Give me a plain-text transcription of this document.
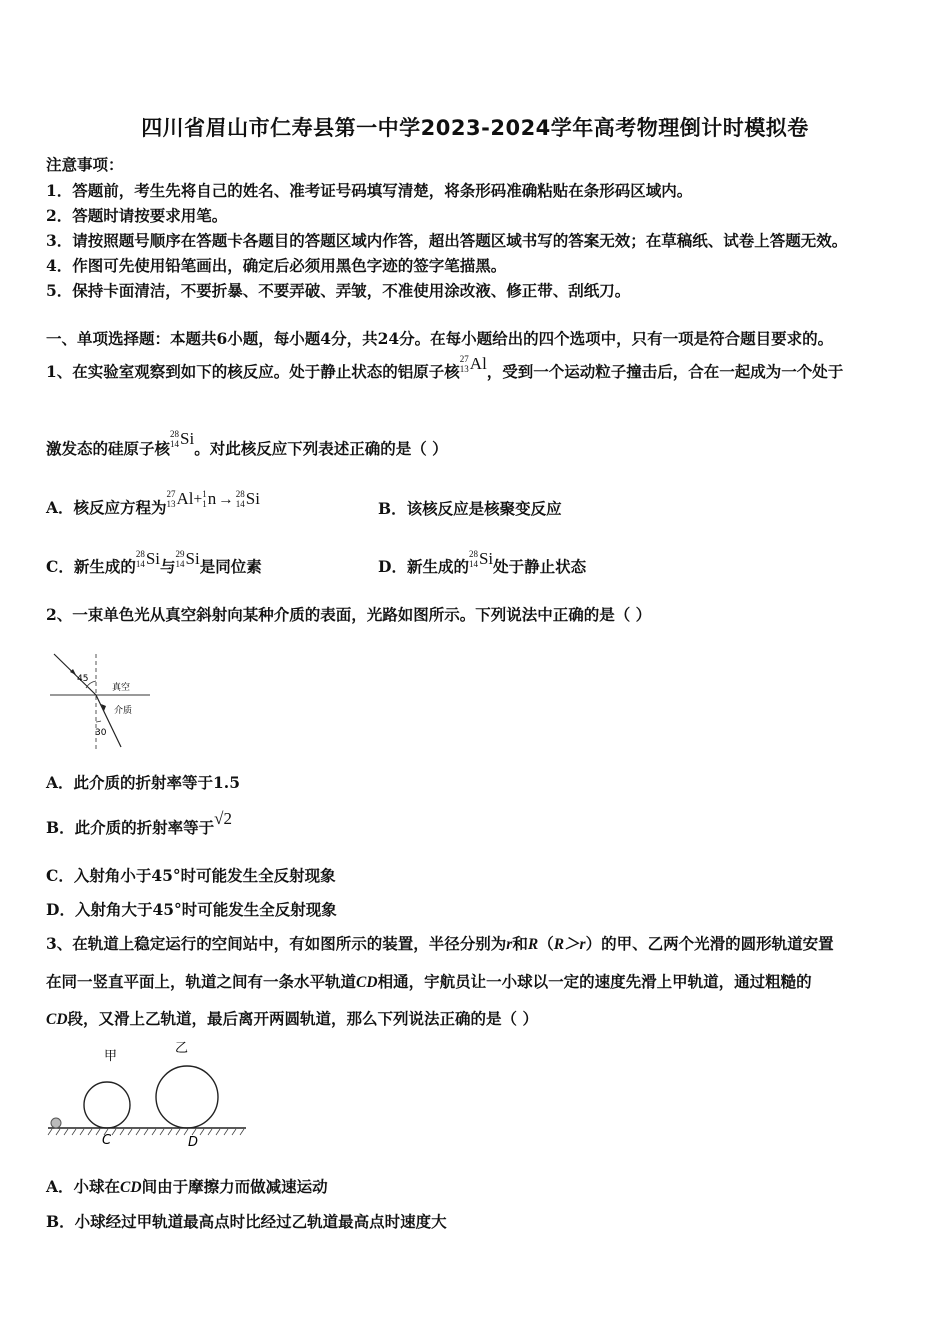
四川省眉山市仁寿县第一中学2023-2024学年高考物理倒计时模拟卷
注意事项：
1．答题前，考生先将自己的姓名、准考证号码填写清楚，将条形码准确粘贴在条形码区域内。
2．答题时请按要求用笔。
3．请按照题号顺序在答题卡各题目的答题区域内作答，超出答题区域书写的答案无效；在草稿纸、试卷上答题无效。
4．作图可先使用铅笔画出，确定后必须用黑色字迹的签字笔描黑。
5．保持卡面清洁，不要折暴、不要弄破、弄皱，不准使用涂改液、修正带、刮纸刀。
一、单项选择题：本题共6小题，每小题4分，共24分。在每小题给出的四个选项中，只有一项是符合题目要求的。
1、在实验室观察到如下的核反应。处于静止状态的铝原子核27
13Al，受到一个运动粒子撞击后，合在一起成为一个处于
激发态的硅原子核28
14Si。对此核反应下列表述正确的是（ ）
A．核反应方程为27
13Al+1
1n → 28
14Si
B．该核反应是核聚变反应
C．新生成的28
14Si与29
14Si是同位素	D．新生成的28
14Si处于静止状态
2、一束单色光从真空斜射向某种介质的表面，光路如图所示。下列说法中正确的是（ ）
45
30
真空
介质
A．此介质的折射率等于1.5
B．此介质的折射率等于√2
C．入射角小于45°时可能发生全反射现象
D．入射角大于45°时可能发生全反射现象
3、在轨道上稳定运行的空间站中，有如图所示的装置，半径分别为r和R（R＞r）的甲、乙两个光滑的圆形轨道安置
在同一竖直平面上，轨道之间有一条水平轨道CD相通，宇航员让一小球以一定的速度先滑上甲轨道，通过粗糙的
CD段，又滑上乙轨道，最后离开两圆轨道，那么下列说法正确的是（ ）
甲
乙
C	D
A．小球在CD间由于摩擦力而做减速运动
B．小球经过甲轨道最高点时比经过乙轨道最高点时速度大
